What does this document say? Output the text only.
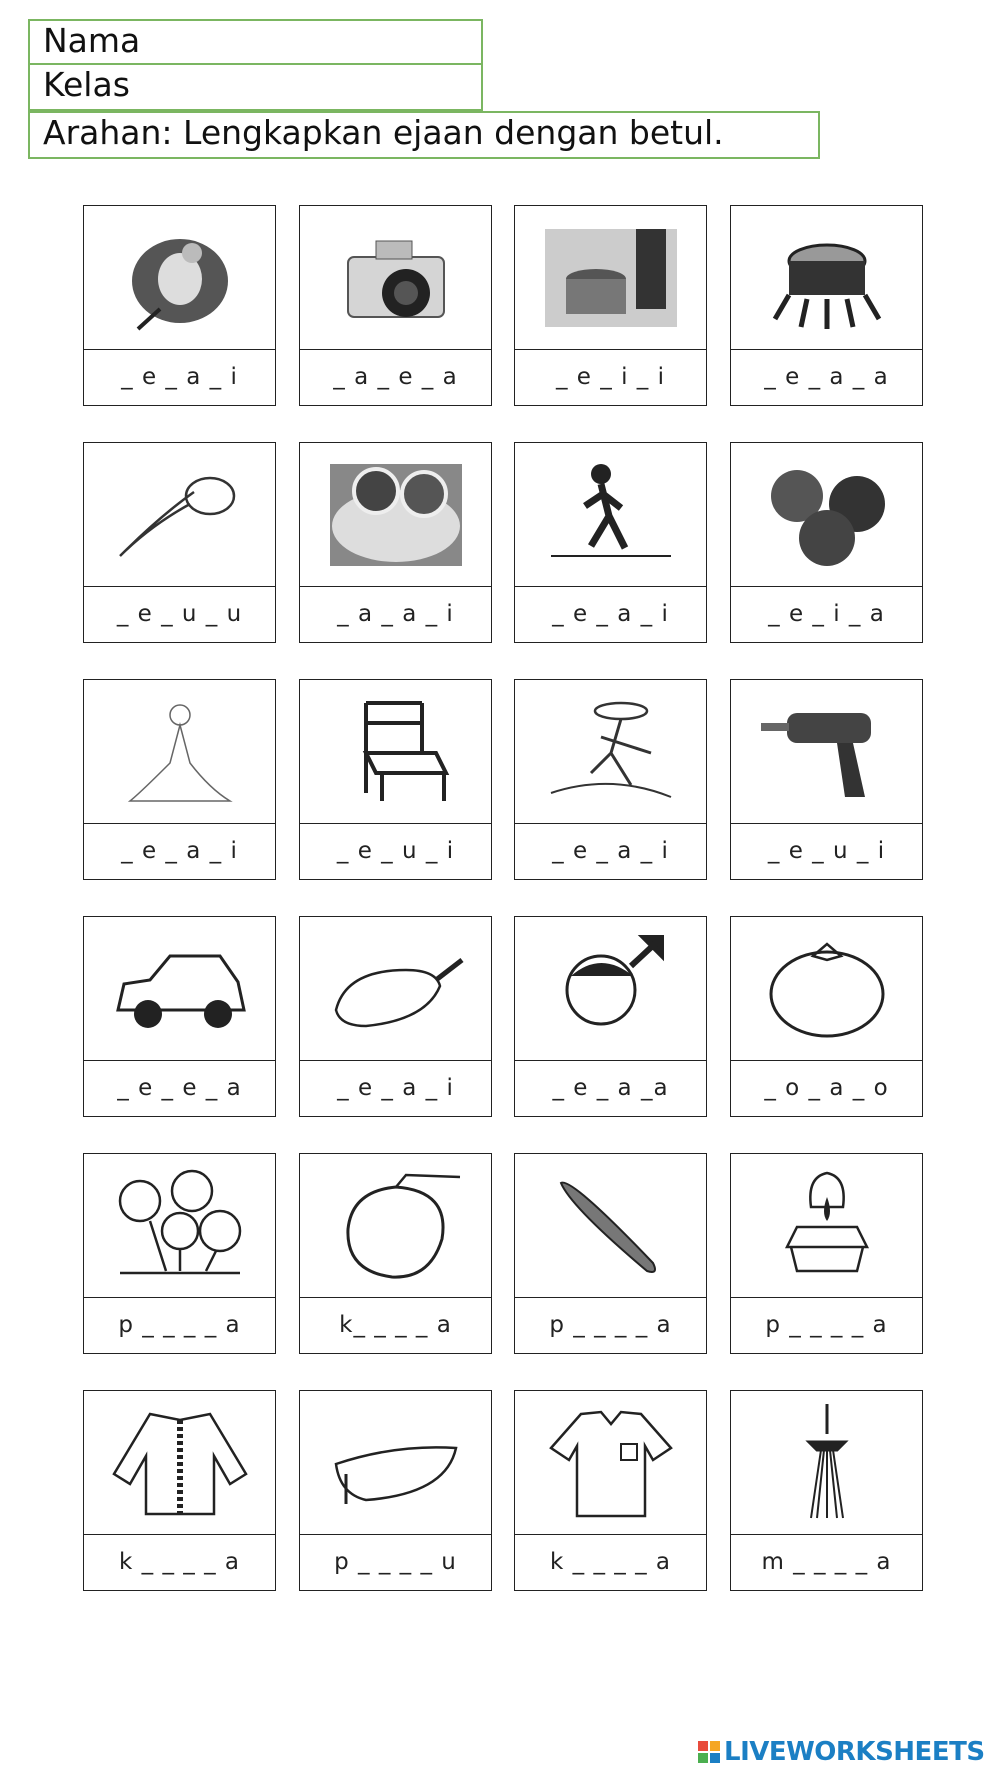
Nama
Kelas
Arahan: Lengkapkan ejaan dengan betul.
_ e _ a _ i	_ a _ e _ a	_ e _ i _ i	_ e _ a _ a
_ e _ u _ u	_ a _ a _ i	_ e _ a _ i	_ e _ i _ a
_ e _ a _ i	_ e _ u _ i	_ e _ a _ i	_ e _ u _ i
_ e _ e _ a	_ e _ a _ i	_ e _ a _a	_ o _ a _ o
p _ _ _ _ a	k_ _ _ _ a	p _ _ _ _ a	p _ _ _ _ a
k _ _ _ _ a	p _ _ _ _ u	k _ _ _ _ a	m _ _ _ _ a
LIVEWORKSHEETS
